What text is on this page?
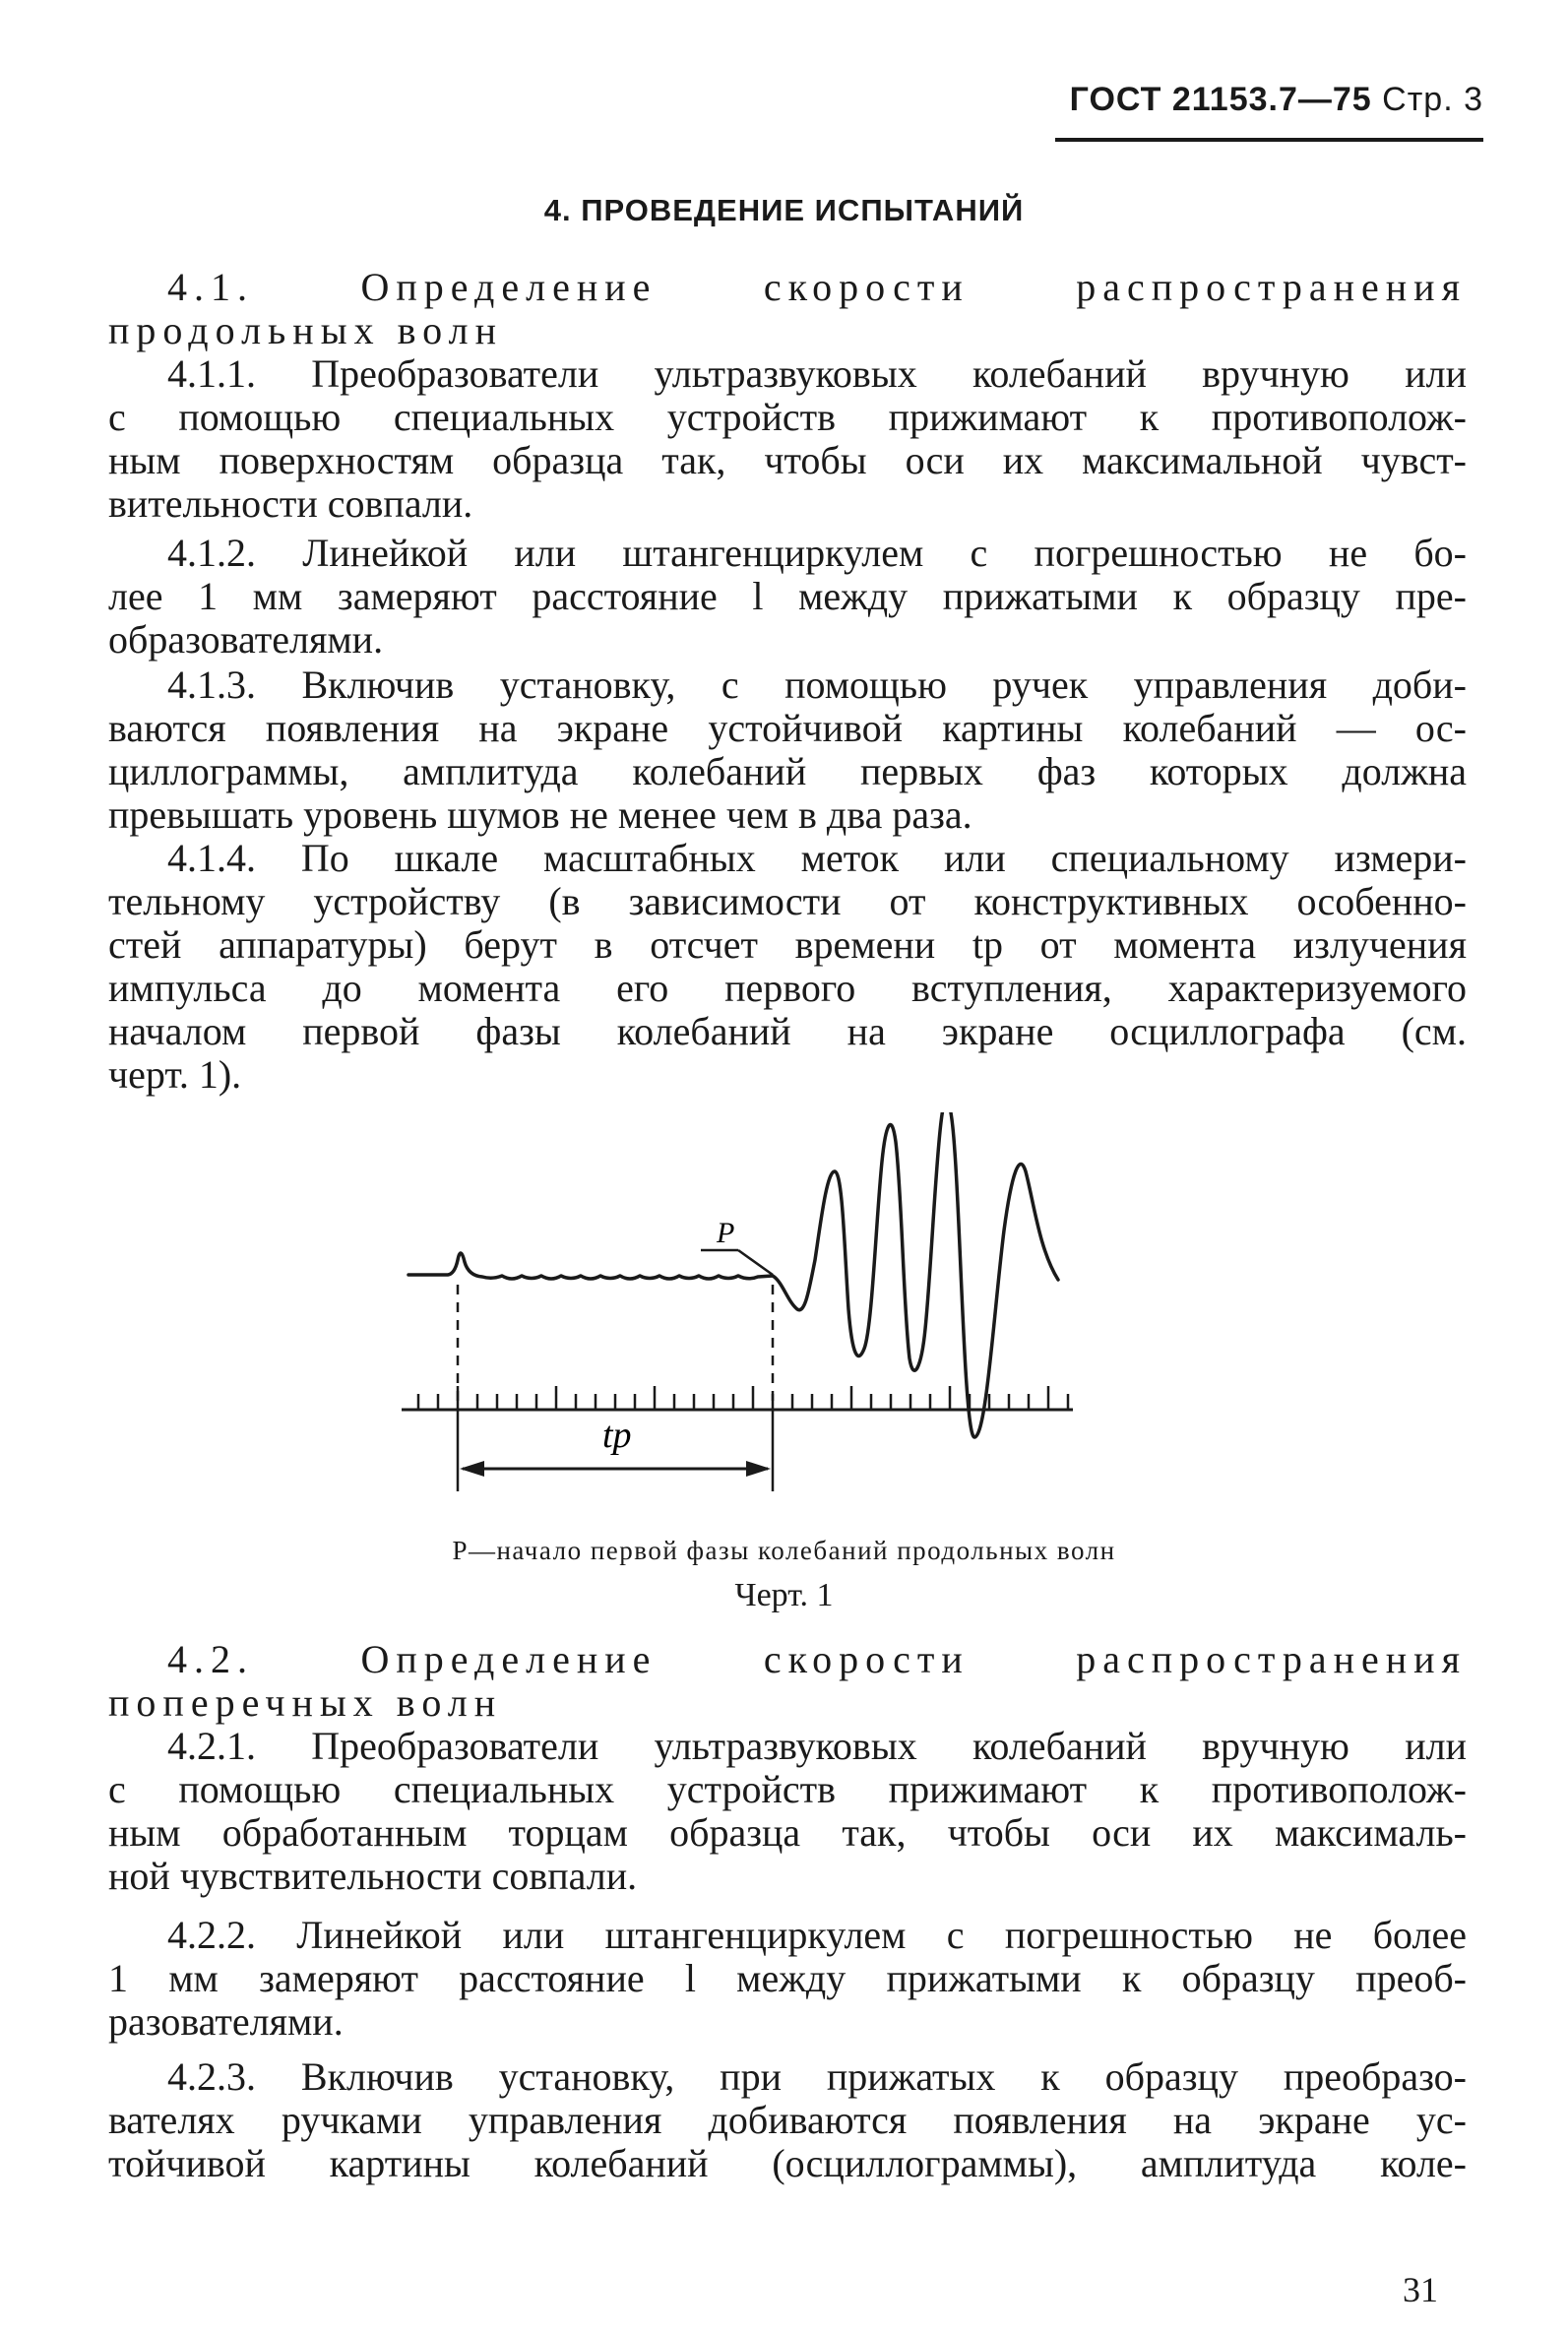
ГОСТ 21153.7—75 Стр. 3
4. ПРОВЕДЕНИЕ ИСПЫТАНИЙ
4.1. Определение скорости распространения
продольных волн
4.1.1. Преобразователи ультразвуковых колебаний вручную или
с помощью специальных устройств прижимают к противополож-
ным поверхностям образца так, чтобы оси их максимальной чувст-
вительности совпали.
4.1.2. Линейкой или штангенциркулем с погрешностью не бо-
лее 1 мм замеряют расстояние l между прижатыми к образцу пре-
образователями.
4.1.3. Включив установку, с помощью ручек управления доби-
ваются появления на экране устойчивой картины колебаний — ос-
циллограммы, амплитуда колебаний первых фаз которых должна
превышать уровень шумов не менее чем в два раза.
4.1.4. По шкале масштабных меток или специальному измери-
тельному устройству (в зависимости от конструктивных особенно-
стей аппаратуры) берут в отсчет времени tp от момента излучения
импульса до момента его первого вступления, характеризуемого
началом первой фазы колебаний на экране осциллографа (см.
черт. 1).
P
tp
P—начало первой фазы колебаний продольных волн
Черт. 1
4.2. Определение скорости распространения
поперечных волн
4.2.1. Преобразователи ультразвуковых колебаний вручную или
с помощью специальных устройств прижимают к противополож-
ным обработанным торцам образца так, чтобы оси их максималь-
ной чувствительности совпали.
4.2.2. Линейкой или штангенциркулем с погрешностью не более
1 мм замеряют расстояние l между прижатыми к образцу преоб-
разователями.
4.2.3. Включив установку, при прижатых к образцу преобразо-
вателях ручками управления добиваются появления на экране ус-
тойчивой картины колебаний (осциллограммы), амплитуда коле-
31
